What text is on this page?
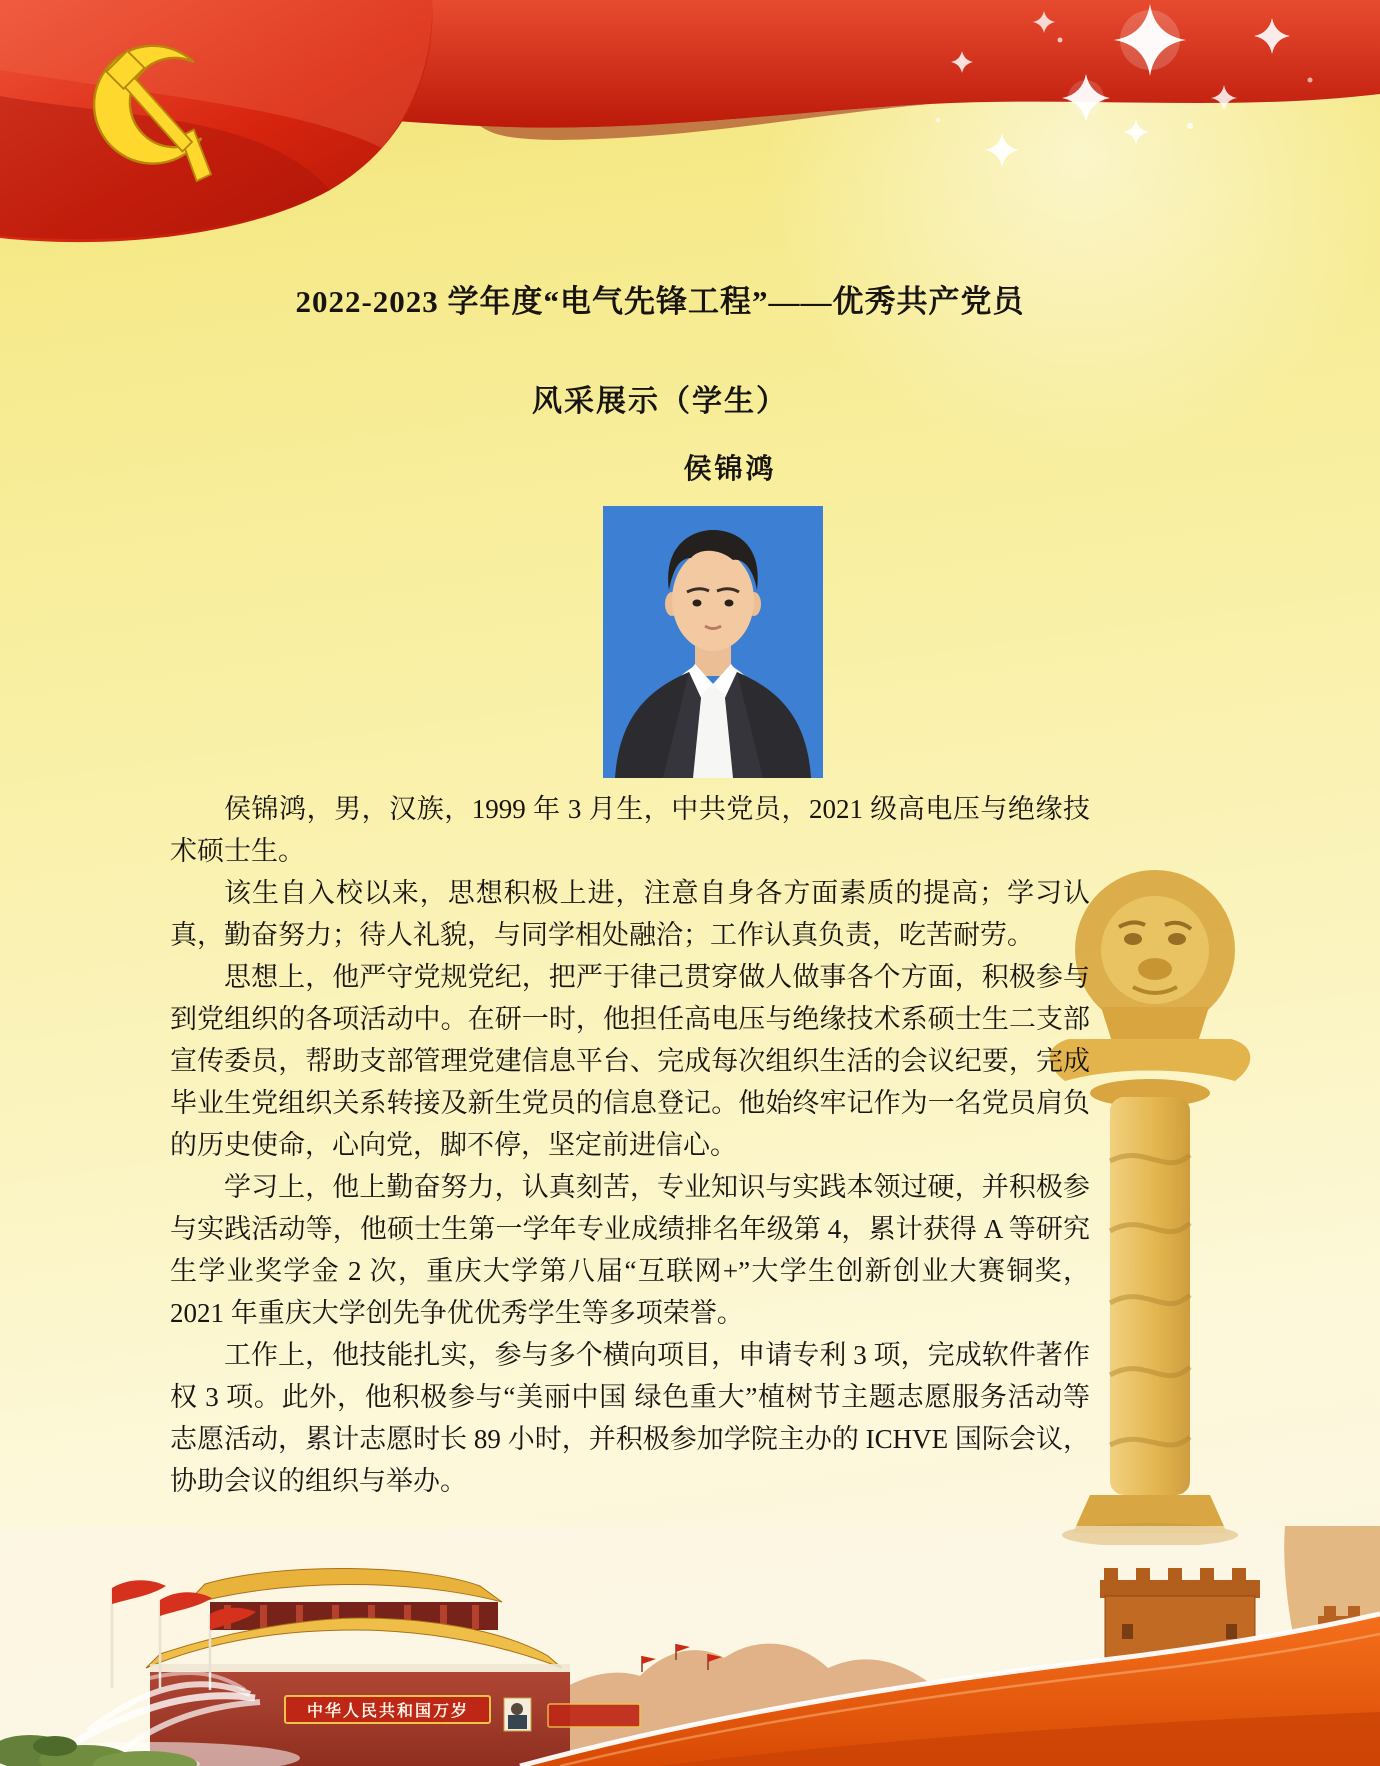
2022-2023 学年度“电气先锋工程”——优秀共产党员
风采展示（学生）
侯锦鸿

侯锦鸿，男，汉族，1999 年 3 月生，中共党员，2021 级高电压与绝缘技术硕士生。

该生自入校以来，思想积极上进，注意自身各方面素质的提高；学习认真，勤奋努力；待人礼貌，与同学相处融洽；工作认真负责，吃苦耐劳。

思想上，他严守党规党纪，把严于律己贯穿做人做事各个方面，积极参与到党组织的各项活动中。在研一时，他担任高电压与绝缘技术系硕士生二支部宣传委员，帮助支部管理党建信息平台、完成每次组织生活的会议纪要，完成毕业生党组织关系转接及新生党员的信息登记。他始终牢记作为一名党员肩负的历史使命，心向党，脚不停，坚定前进信心。

学习上，他上勤奋努力，认真刻苦，专业知识与实践本领过硬，并积极参与实践活动等，他硕士生第一学年专业成绩排名年级第 4，累计获得 A 等研究生学业奖学金 2 次，重庆大学第八届“互联网+”大学生创新创业大赛铜奖， 2021 年重庆大学创先争优优秀学生等多项荣誉。

工作上，他技能扎实，参与多个横向项目，申请专利 3 项，完成软件著作权 3 项。此外，他积极参与“美丽中国 绿色重大”植树节主题志愿服务活动等志愿活动，累计志愿时长 89 小时，并积极参加学院主办的 ICHVE 国际会议，协助会议的组织与举办。

中华人民共和国万岁
